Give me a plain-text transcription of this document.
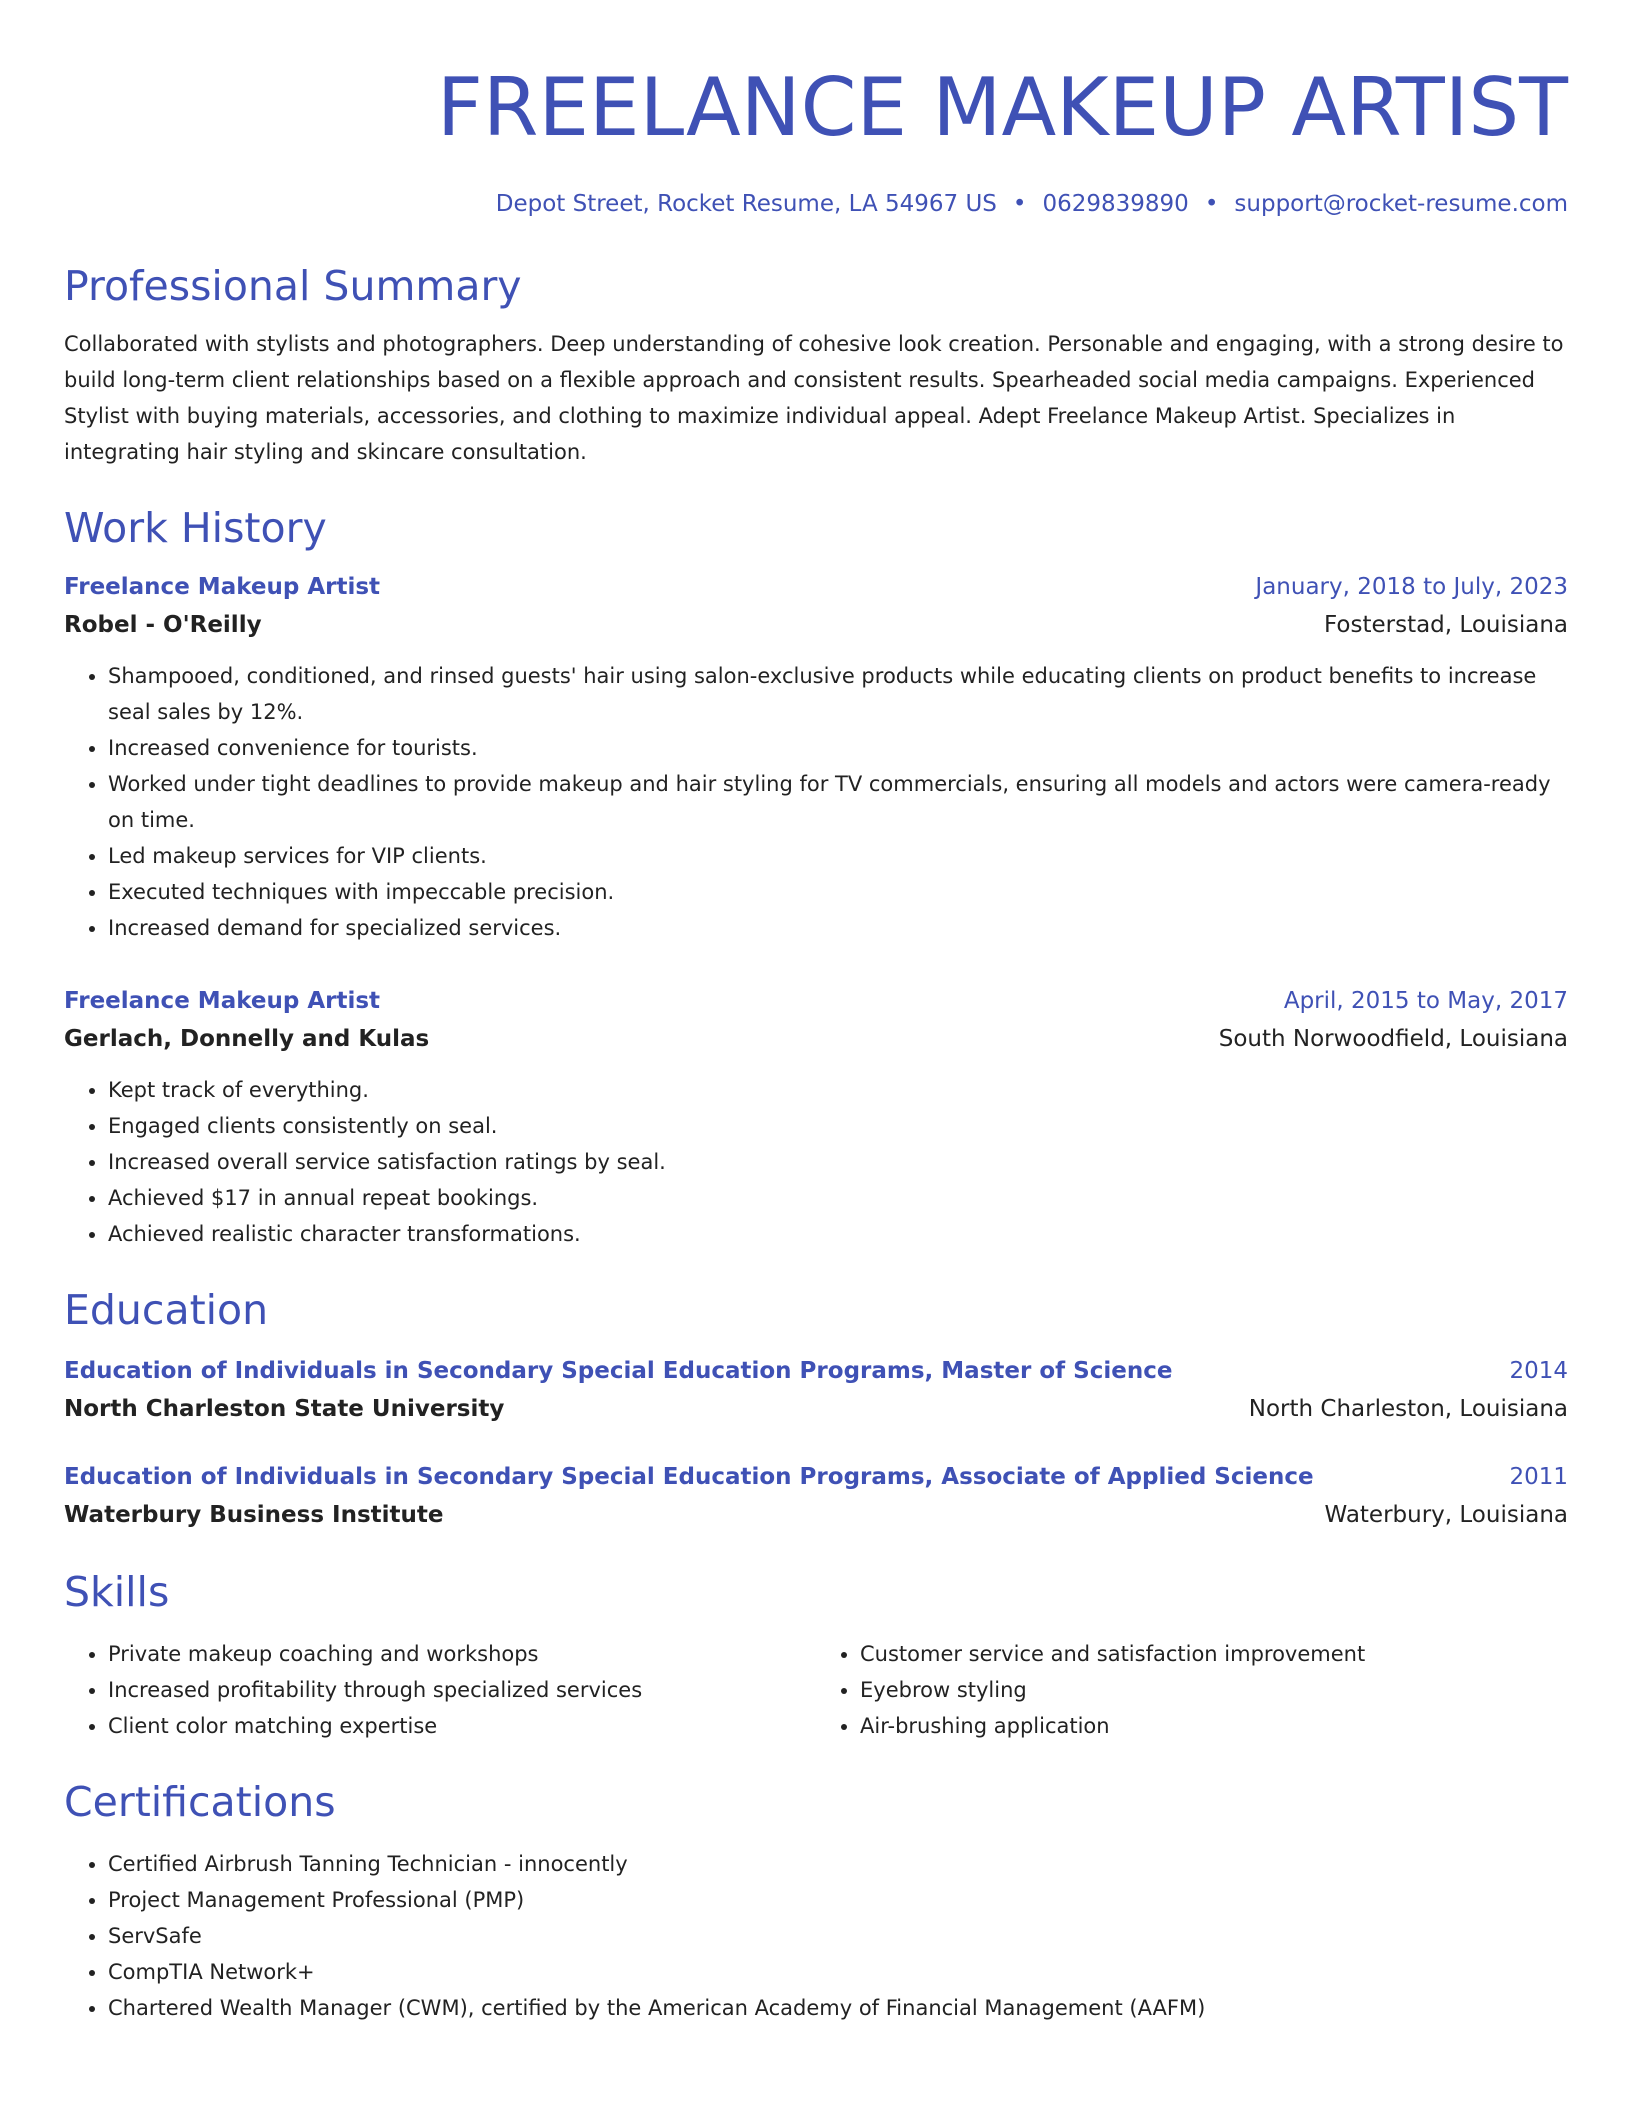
FREELANCE MAKEUP ARTIST
Depot Street, Rocket Resume, LA 54967 US • 0629839890 • support@rocket-resume.com
Professional Summary
Collaborated with stylists and photographers. Deep understanding of cohesive look creation. Personable and engaging, with a strong desire to build long-term client relationships based on a flexible approach and consistent results. Spearheaded social media campaigns. Experienced Stylist with buying materials, accessories, and clothing to maximize individual appeal. Adept Freelance Makeup Artist. Specializes in integrating hair styling and skincare consultation.
Work History
Freelance Makeup Artist	January, 2018 to July, 2023
Robel - O'Reilly	Fosterstad, Louisiana
• Shampooed, conditioned, and rinsed guests' hair using salon-exclusive products while educating clients on product benefits to increase seal sales by 12%.
• Increased convenience for tourists.
• Worked under tight deadlines to provide makeup and hair styling for TV commercials, ensuring all models and actors were camera-ready on time.
• Led makeup services for VIP clients.
• Executed techniques with impeccable precision.
• Increased demand for specialized services.
Freelance Makeup Artist	April, 2015 to May, 2017
Gerlach, Donnelly and Kulas	South Norwoodfield, Louisiana
• Kept track of everything.
• Engaged clients consistently on seal.
• Increased overall service satisfaction ratings by seal.
• Achieved $17 in annual repeat bookings.
• Achieved realistic character transformations.
Education
Education of Individuals in Secondary Special Education Programs, Master of Science	2014
North Charleston State University	North Charleston, Louisiana
Education of Individuals in Secondary Special Education Programs, Associate of Applied Science	2011
Waterbury Business Institute	Waterbury, Louisiana
Skills
• Private makeup coaching and workshops
• Increased profitability through specialized services
• Client color matching expertise
• Customer service and satisfaction improvement
• Eyebrow styling
• Air-brushing application
Certifications
• Certified Airbrush Tanning Technician - innocently
• Project Management Professional (PMP)
• ServSafe
• CompTIA Network+
• Chartered Wealth Manager (CWM), certified by the American Academy of Financial Management (AAFM)
